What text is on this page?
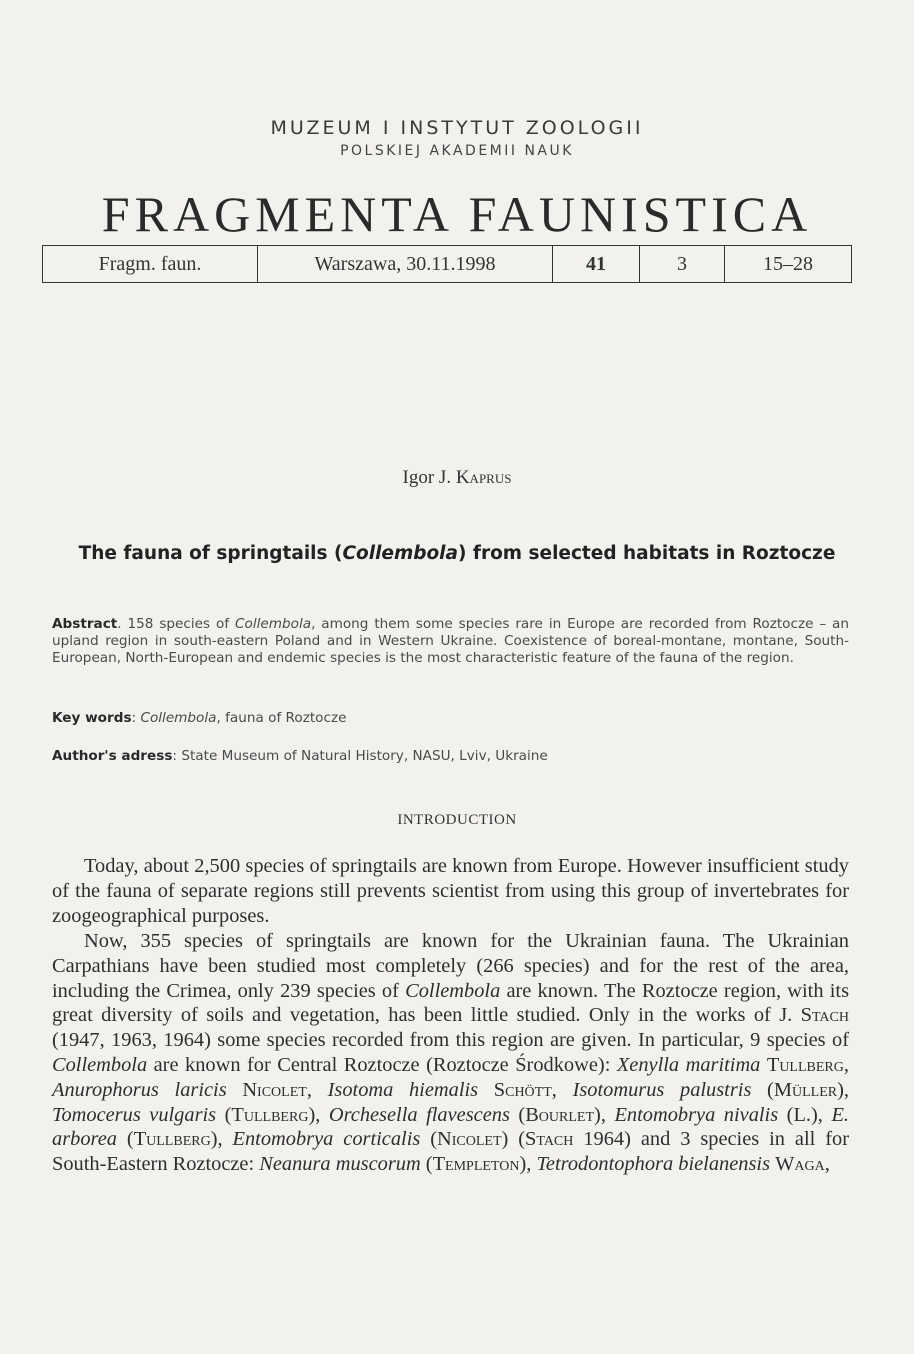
MUZEUM I INSTYTUT ZOOLOGII
POLSKIEJ AKADEMII NAUK
FRAGMENTA FAUNISTICA
Fragm. faun.	Warszawa, 30.11.1998	41	3	15–28
Igor J. Kaprus
The fauna of springtails (Collembola) from selected habitats in Roztocze
Abstract. 158 species of Collembola, among them some species rare in Europe are recorded from Roztocze – an upland region in south-eastern Poland and in Western Ukraine. Coexistence of boreal-montane, montane, South-European, North-European and endemic species is the most characteristic feature of the fauna of the region.
Key words: Collembola, fauna of Roztocze
Author's adress: State Museum of Natural History, NASU, Lviv, Ukraine
INTRODUCTION

Today, about 2,500 species of springtails are known from Europe. However insufficient study of the fauna of separate regions still prevents scientist from using this group of invertebrates for zoogeographical purposes.

Now, 355 species of springtails are known for the Ukrainian fauna. The Ukrainian Carpathians have been studied most completely (266 species) and for the rest of the area, including the Crimea, only 239 species of Collembola are known. The Roztocze region, with its great diversity of soils and vegetation, has been little studied. Only in the works of J. Stach (1947, 1963, 1964) some species recorded from this region are given. In particular, 9 species of Collembola are known for Central Roztocze (Roztocze Środkowe): Xenylla maritima Tullberg, Anurophorus laricis Nicolet, Isotoma hiemalis Schött, Isotomurus palustris (Müller), Tomocerus vulgaris (Tullberg), Orchesella flavescens (Bourlet), Entomobrya nivalis (L.), E. arborea (Tullberg), Entomobrya corticalis (Nicolet) (Stach 1964) and 3 species in all for South-Eastern Roztocze: Neanura muscorum (Templeton), Tetrodontophora bielanensis Waga,
